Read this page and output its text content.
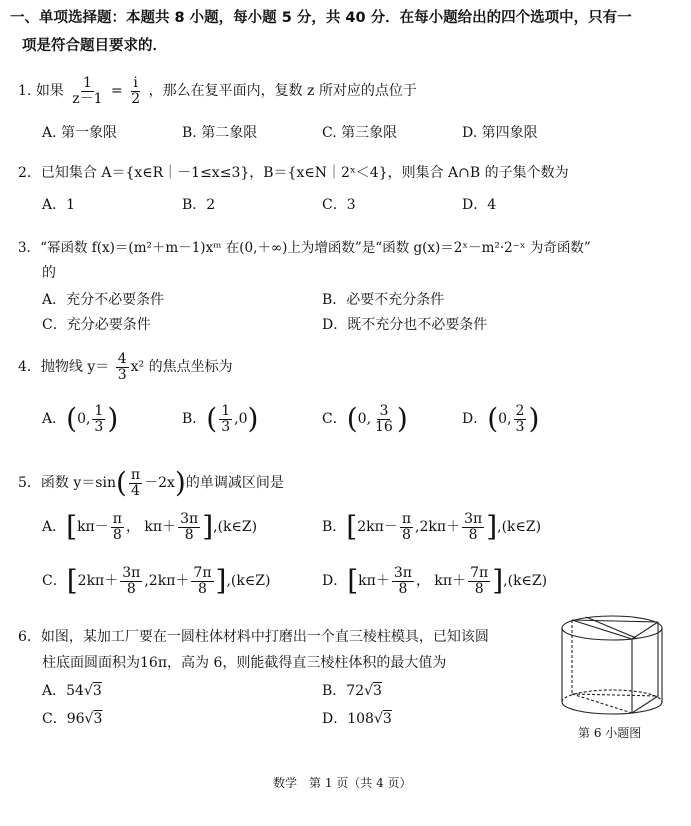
一、单项选择题：本题共 8 小题，每小题 5 分，共 40 分．在每小题给出的四个选项中，只有一
项是符合题目要求的．
1. 如果 $\frac{1}{z-1} = \frac{i}{2}$ ，那么在复平面内，复数 z 所对应的点位于
A. 第一象限	B. 第二象限	C. 第三象限	D. 第四象限
2．已知集合 A＝{x∈R｜－1≤x≤3}，B＝{x∈N｜2ˣ＜4}，则集合 A∩B 的子集个数为
A．1	B．2	C．3	D．4
3．“幂函数 f(x)＝(m²＋m－1)xᵐ 在(0,＋∞)上为增函数”是“函数 g(x)＝2ˣ－m²·2⁻ˣ 为奇函数”
的
A．充分不必要条件	B．必要不充分条件
C．充分必要条件	D．既不充分也不必要条件
4．抛物线 $y= \frac{4}{3} x^2$ 的焦点坐标为
A．(0, $\frac{1}{3}$ )	B．( $\frac{1}{3} ,0$)	C．(0, $\frac{3}{16}$ )	D．(0, $\frac{2}{3}$ )
5．函数 $y=\sin( \frac{\pi}{4} -2x)$的单调减区间是
A．[$k\pi- \frac{\pi}{8}$ ， $k\pi+ \frac{3\pi}{8}$ ],(k∈Z)	B．[$2k\pi- \frac{\pi}{8} ,2k\pi+ \frac{3\pi}{8}$ ],(k∈Z)
C．[$2k\pi+ \frac{3\pi}{8} ,2k\pi+ \frac{7\pi}{8}$ ],(k∈Z)	D．[$k\pi+ \frac{3\pi}{8}$ ， $k\pi+ \frac{7\pi}{8}$ ],(k∈Z)
6．如图，某加工厂要在一圆柱体材料中打磨出一个直三棱柱模具，已知该圆
柱底面圆面积为16π，高为 6，则能截得直三棱柱体积的最大值为
A．54√3	B．72√3
C．96√3	D．108√3
第 6 小题图
数学　第 1 页（共 4 页）
